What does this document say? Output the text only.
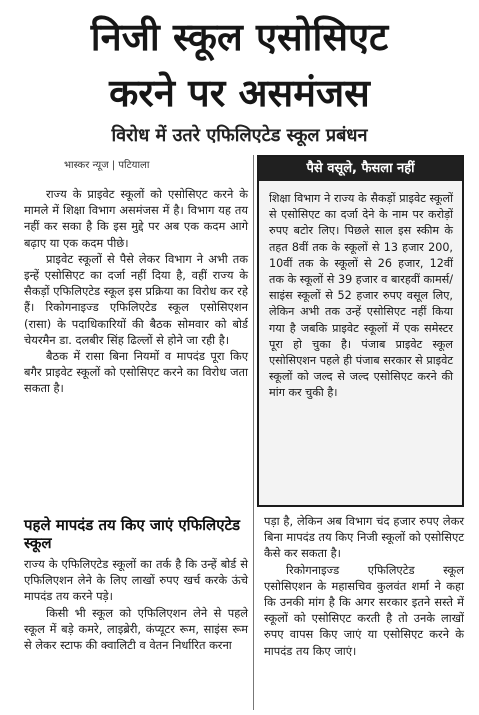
निजी स्कूल एसोसिएट
करने पर असमंजस
विरोध में उतरे एफिलिएटेड स्कूल प्रबंधन
भास्कर न्यूज | पटियाला

राज्य के प्राइवेट स्कूलों को एसोसिएट करने के मामले में शिक्षा विभाग असमंजस में है। विभाग यह तय नहीं कर सका है कि इस मुद्दे पर अब एक कदम आगे बढ़ाए या एक कदम पीछे।

प्राइवेट स्कूलों से पैसे लेकर विभाग ने अभी तक इन्हें एसोसिएट का दर्जा नहीं दिया है, वहीं राज्य के सैकड़ों एफिलिएटेड स्कूल इस प्रक्रिया का विरोध कर रहे हैं। रिकोगनाइज्ड एफिलिएटेड स्कूल एसोसिएशन (रासा) के पदाधिकारियों की बैठक सोमवार को बोर्ड चेयरमैन डा. दलबीर सिंह ढिल्लों से होने जा रही है।

बैठक में रासा बिना नियमों व मापदंड पूरा किए बगैर प्राइवेट स्कूलों को एसोसिएट करने का विरोध जता सकता है।

पहले मापदंड तय किए जाएं एफिलिएटेड स्कूल

राज्य के एफिलिएटेड स्कूलों का तर्क है कि उन्हें बोर्ड से एफिलिएशन लेने के लिए लाखों रुपए खर्च करके ऊंचे मापदंड तय करने पड़े।

किसी भी स्कूल को एफिलिएशन लेने से पहले स्कूल में बड़े कमरे, लाइब्रेरी, कंप्यूटर रूम, साइंस रूम से लेकर स्टाफ की क्वालिटी व वेतन निर्धारित करना

पैसे वसूले, फैसला नहीं

शिक्षा विभाग ने राज्य के सैकड़ों प्राइवेट स्कूलों से एसोसिएट का दर्जा देने के नाम पर करोड़ों रुपए बटोर लिए। पिछले साल इस स्कीम के तहत 8वीं तक के स्कूलों से 13 हजार 200, 10वीं तक के स्कूलों से 26 हजार, 12वीं तक के स्कूलों से 39 हजार व बारहवीं कामर्स/ साइंस स्कूलों से 52 हजार रुपए वसूल लिए, लेकिन अभी तक उन्हें एसोसिएट नहीं किया गया है जबकि प्राइवेट स्कूलों में एक समेस्टर पूरा हो चुका है। पंजाब प्राइवेट स्कूल एसोसिएशन पहले ही पंजाब सरकार से प्राइवेट स्कूलों को जल्द से जल्द एसोसिएट करने की मांग कर चुकी है।

पड़ा है, लेकिन अब विभाग चंद हजार रुपए लेकर बिना मापदंड तय किए निजी स्कूलों को एसोसिएट कैसे कर सकता है।

रिकोगनाइज्ड एफिलिएटेड स्कूल एसोसिएशन के महासचिव कुलवंत शर्मा ने कहा कि उनकी मांग है कि अगर सरकार इतने सस्ते में स्कूलों को एसोसिएट करती है तो उनके लाखों रुपए वापस किए जाएं या एसोसिएट करने के मापदंड तय किए जाएं।
